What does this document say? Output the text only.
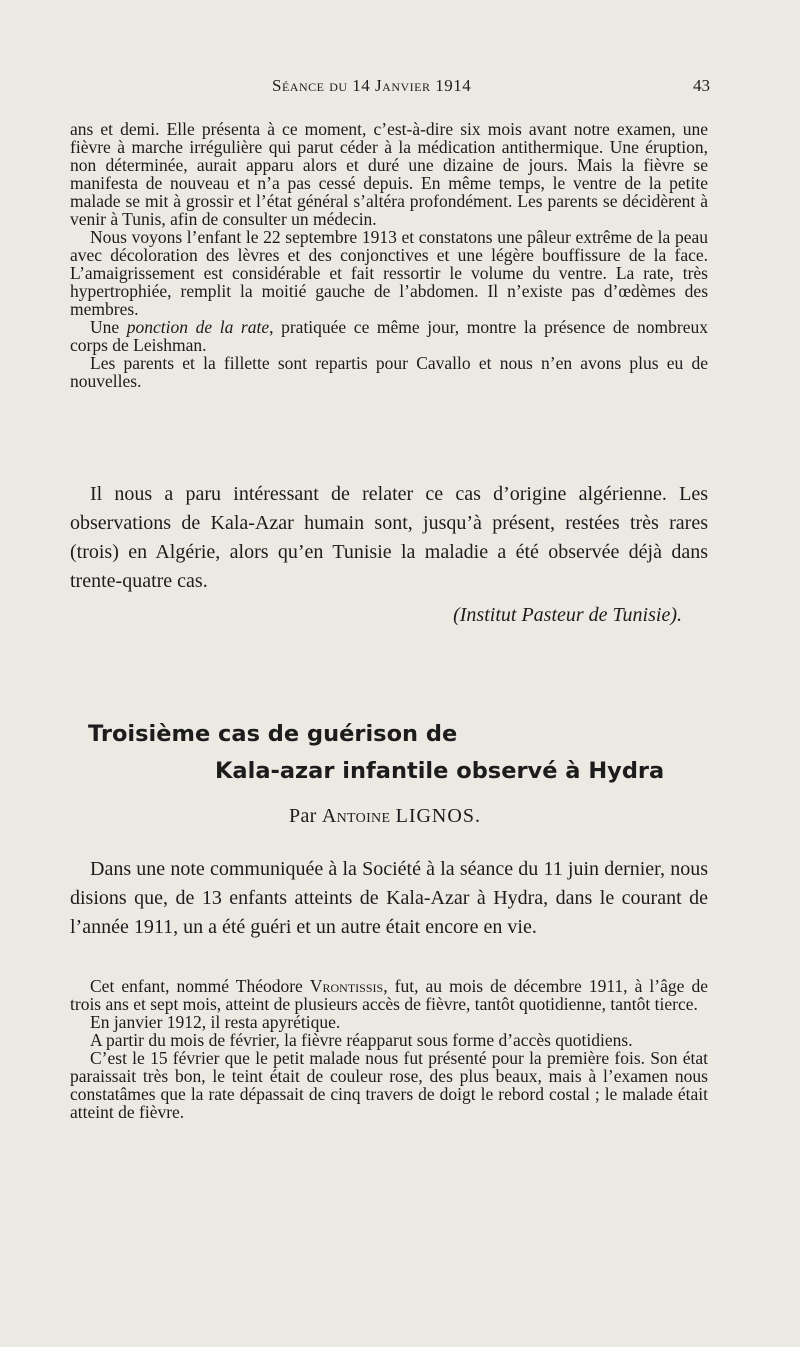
Séance du 14 Janvier 1914	43

ans et demi. Elle présenta à ce moment, c’est-à-dire six mois avant notre examen, une fièvre à marche irrégulière qui parut céder à la médication antithermique. Une éruption, non déterminée, aurait apparu alors et duré une dizaine de jours. Mais la fièvre se manifesta de nouveau et n’a pas cessé depuis. En même temps, le ventre de la petite malade se mit à grossir et l’état général s’altéra profondément. Les parents se décidèrent à venir à Tunis, afin de consulter un médecin.

Nous voyons l’enfant le 22 septembre 1913 et constatons une pâleur extrême de la peau avec décoloration des lèvres et des conjonctives et une légère bouffissure de la face. L’amaigrissement est considérable et fait ressortir le volume du ventre. La rate, très hypertrophiée, remplit la moitié gauche de l’abdomen. Il n’existe pas d’œdèmes des membres.

Une ponction de la rate, pratiquée ce même jour, montre la présence de nombreux corps de Leishman.

Les parents et la fillette sont repartis pour Cavallo et nous n’en avons plus eu de nouvelles.

Il nous a paru intéressant de relater ce cas d’origine algérienne. Les observations de Kala-Azar humain sont, jusqu’à présent, restées très rares (trois) en Algérie, alors qu’en Tunisie la maladie a été observée déjà dans trente-quatre cas.

(Institut Pasteur de Tunisie).
Troisième cas de guérison de
Kala-azar infantile observé à Hydra
Par Antoine LIGNOS.

Dans une note communiquée à la Société à la séance du 11 juin dernier, nous disions que, de 13 enfants atteints de Kala-Azar à Hydra, dans le courant de l’année 1911, un a été guéri et un autre était encore en vie.

Cet enfant, nommé Théodore Vrontissis, fut, au mois de décembre 1911, à l’âge de trois ans et sept mois, atteint de plusieurs accès de fièvre, tantôt quotidienne, tantôt tierce.

En janvier 1912, il resta apyrétique.

A partir du mois de février, la fièvre réapparut sous forme d’accès quotidiens.

C’est le 15 février que le petit malade nous fut présenté pour la première fois. Son état paraissait très bon, le teint était de couleur rose, des plus beaux, mais à l’examen nous constatâmes que la rate dépassait de cinq travers de doigt le rebord costal ; le malade était atteint de fièvre.
